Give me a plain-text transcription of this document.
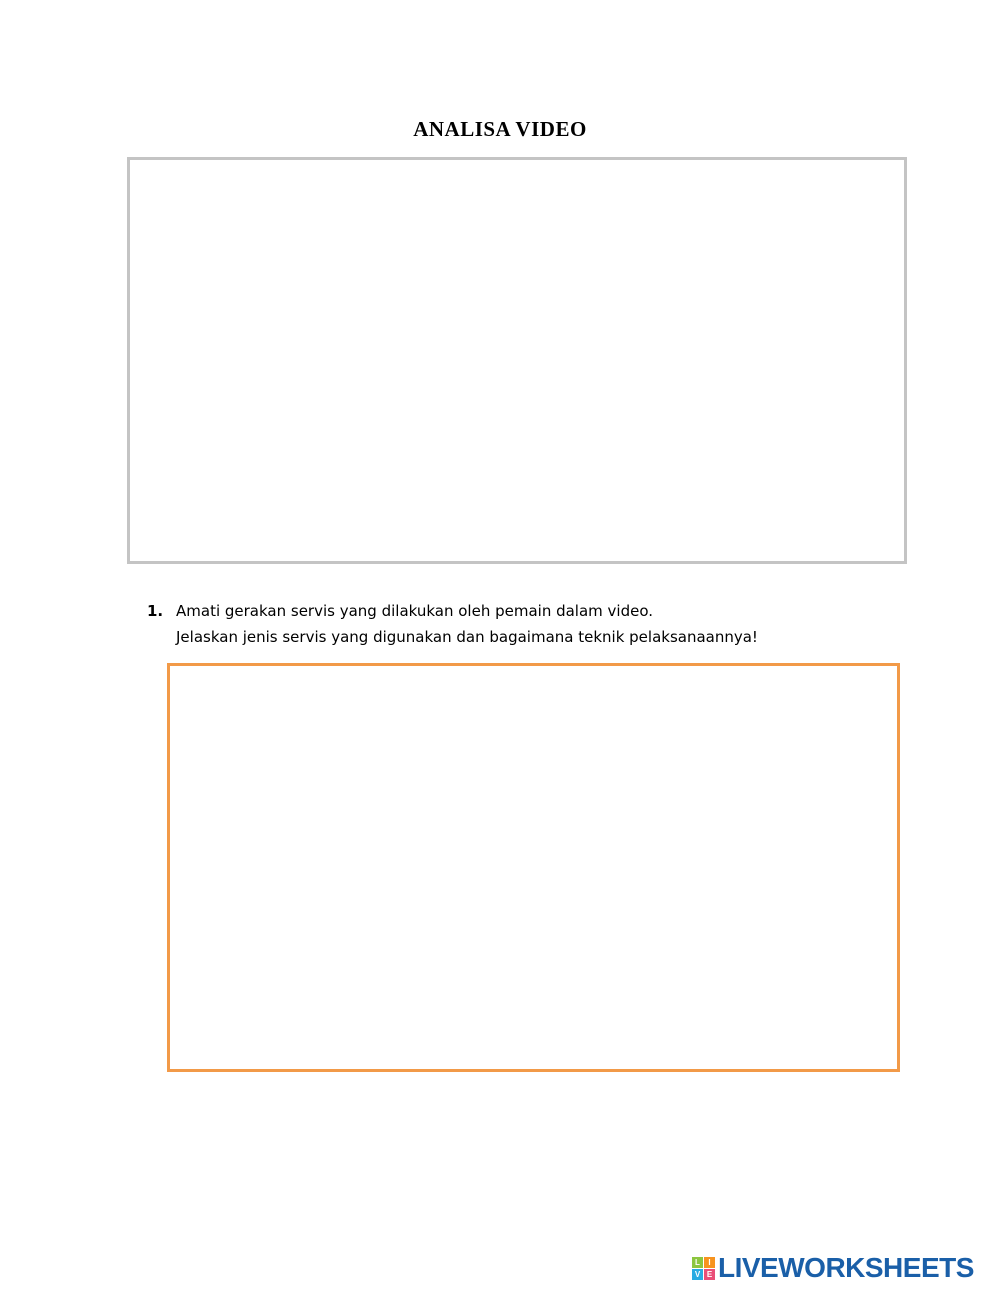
ANALISA VIDEO
1. Amati gerakan servis yang dilakukan oleh pemain dalam video.
Jelaskan jenis servis yang digunakan dan bagaimana teknik pelaksanaannya!
L	I
V E LIVEWORKSHEETS
